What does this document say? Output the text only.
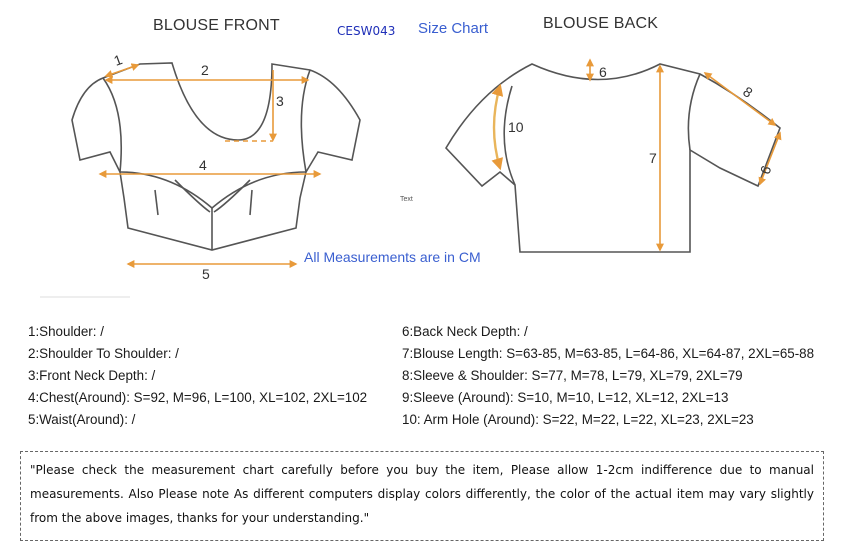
BLOUSE FRONT	CESW043 Size Chart	BLOUSE BACK
All Measurements are in CM
Text
1
2
3
4
5
6
7
8
9
10
1:Shoulder: /
2:Shoulder To Shoulder: /
3:Front Neck Depth: /
4:Chest(Around): S=92, M=96, L=100, XL=102, 2XL=102
5:Waist(Around): /
6:Back Neck Depth: /
7:Blouse Length: S=63-85, M=63-85, L=64-86, XL=64-87, 2XL=65-88
8:Sleeve & Shoulder: S=77, M=78, L=79, XL=79, 2XL=79
9:Sleeve (Around): S=10, M=10, L=12, XL=12, 2XL=13
10: Arm Hole (Around): S=22, M=22, L=22, XL=23, 2XL=23
"Please check the measurement chart carefully before you buy the item, Please allow 1-2cm indifference due to manual measurements. Also Please note As different computers display colors differently, the color of the actual item may vary slightly from the above images, thanks for your understanding."
